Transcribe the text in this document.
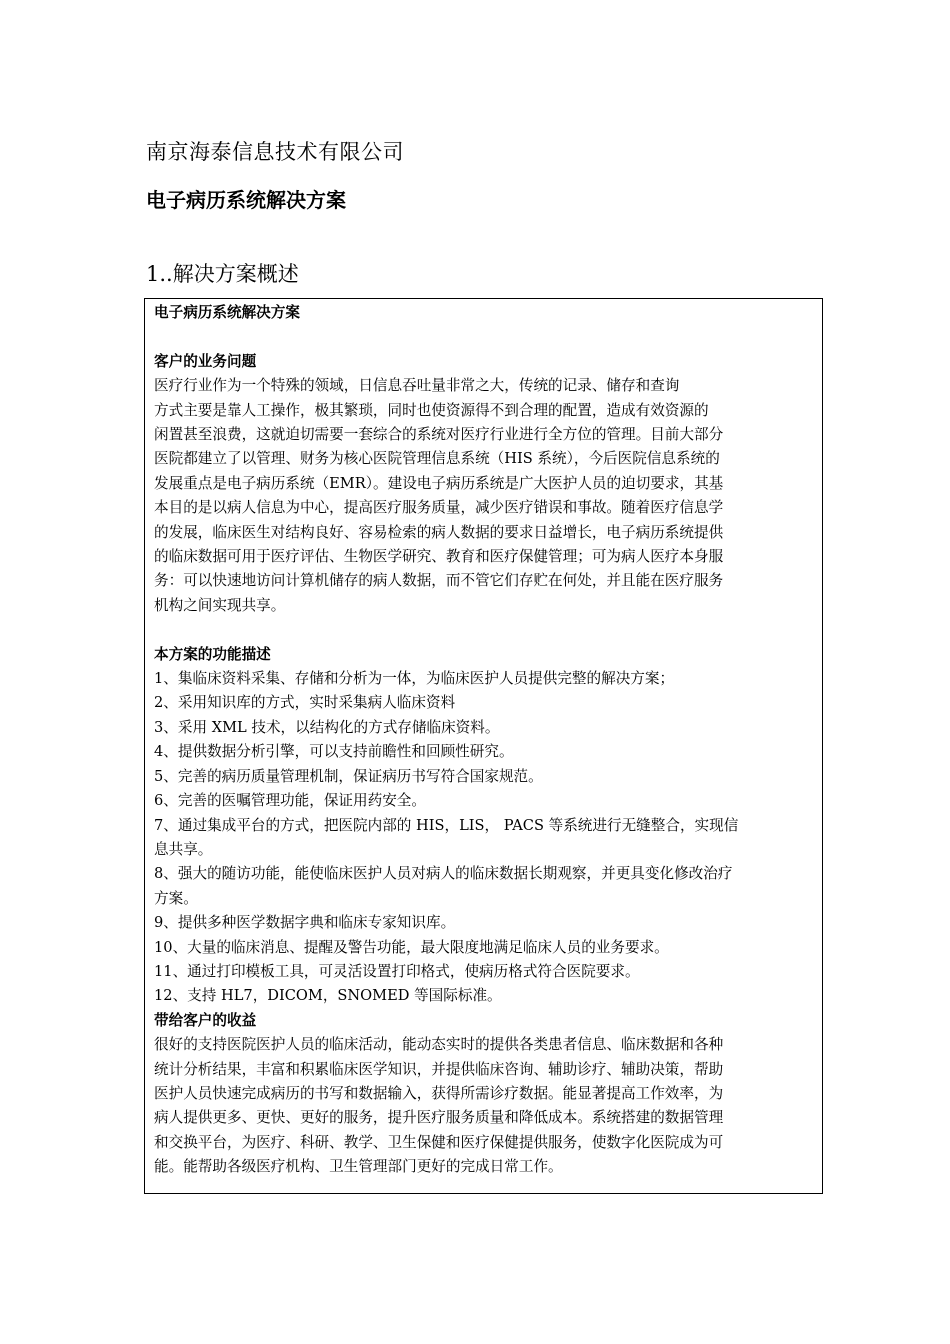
南京海泰信息技术有限公司
电子病历系统解决方案
1..解决方案概述
电子病历系统解决方案
客户的业务问题
医疗行业作为一个特殊的领域，日信息吞吐量非常之大，传统的记录、储存和查询
方式主要是靠人工操作，极其繁琐，同时也使资源得不到合理的配置，造成有效资源的
闲置甚至浪费，这就迫切需要一套综合的系统对医疗行业进行全方位的管理。目前大部分
医院都建立了以管理、财务为核心医院管理信息系统（HIS 系统），今后医院信息系统的
发展重点是电子病历系统（EMR）。建设电子病历系统是广大医护人员的迫切要求，其基
本目的是以病人信息为中心，提高医疗服务质量，减少医疗错误和事故。随着医疗信息学
的发展，临床医生对结构良好、容易检索的病人数据的要求日益增长，电子病历系统提供
的临床数据可用于医疗评估、生物医学研究、教育和医疗保健管理；可为病人医疗本身服
务：可以快速地访问计算机储存的病人数据，而不管它们存贮在何处，并且能在医疗服务
机构之间实现共享。
本方案的功能描述
1、集临床资料采集、存储和分析为一体，为临床医护人员提供完整的解决方案；
2、采用知识库的方式，实时采集病人临床资料
3、采用 XML 技术，以结构化的方式存储临床资料。
4、提供数据分析引擎，可以支持前瞻性和回顾性研究。
5、完善的病历质量管理机制，保证病历书写符合国家规范。
6、完善的医嘱管理功能，保证用药安全。
7、通过集成平台的方式，把医院内部的 HIS，LIS， PACS 等系统进行无缝整合，实现信
息共享。
8、强大的随访功能，能使临床医护人员对病人的临床数据长期观察，并更具变化修改治疗
方案。
9、提供多种医学数据字典和临床专家知识库。
10、大量的临床消息、提醒及警告功能，最大限度地满足临床人员的业务要求。
11、通过打印模板工具，可灵活设置打印格式，使病历格式符合医院要求。
12、支持 HL7，DICOM，SNOMED 等国际标准。
带给客户的收益
很好的支持医院医护人员的临床活动，能动态实时的提供各类患者信息、临床数据和各种
统计分析结果，丰富和积累临床医学知识，并提供临床咨询、辅助诊疗、辅助决策，帮助
医护人员快速完成病历的书写和数据输入，获得所需诊疗数据。能显著提高工作效率，为
病人提供更多、更快、更好的服务，提升医疗服务质量和降低成本。系统搭建的数据管理
和交换平台，为医疗、科研、教学、卫生保健和医疗保健提供服务，使数字化医院成为可
能。能帮助各级医疗机构、卫生管理部门更好的完成日常工作。
